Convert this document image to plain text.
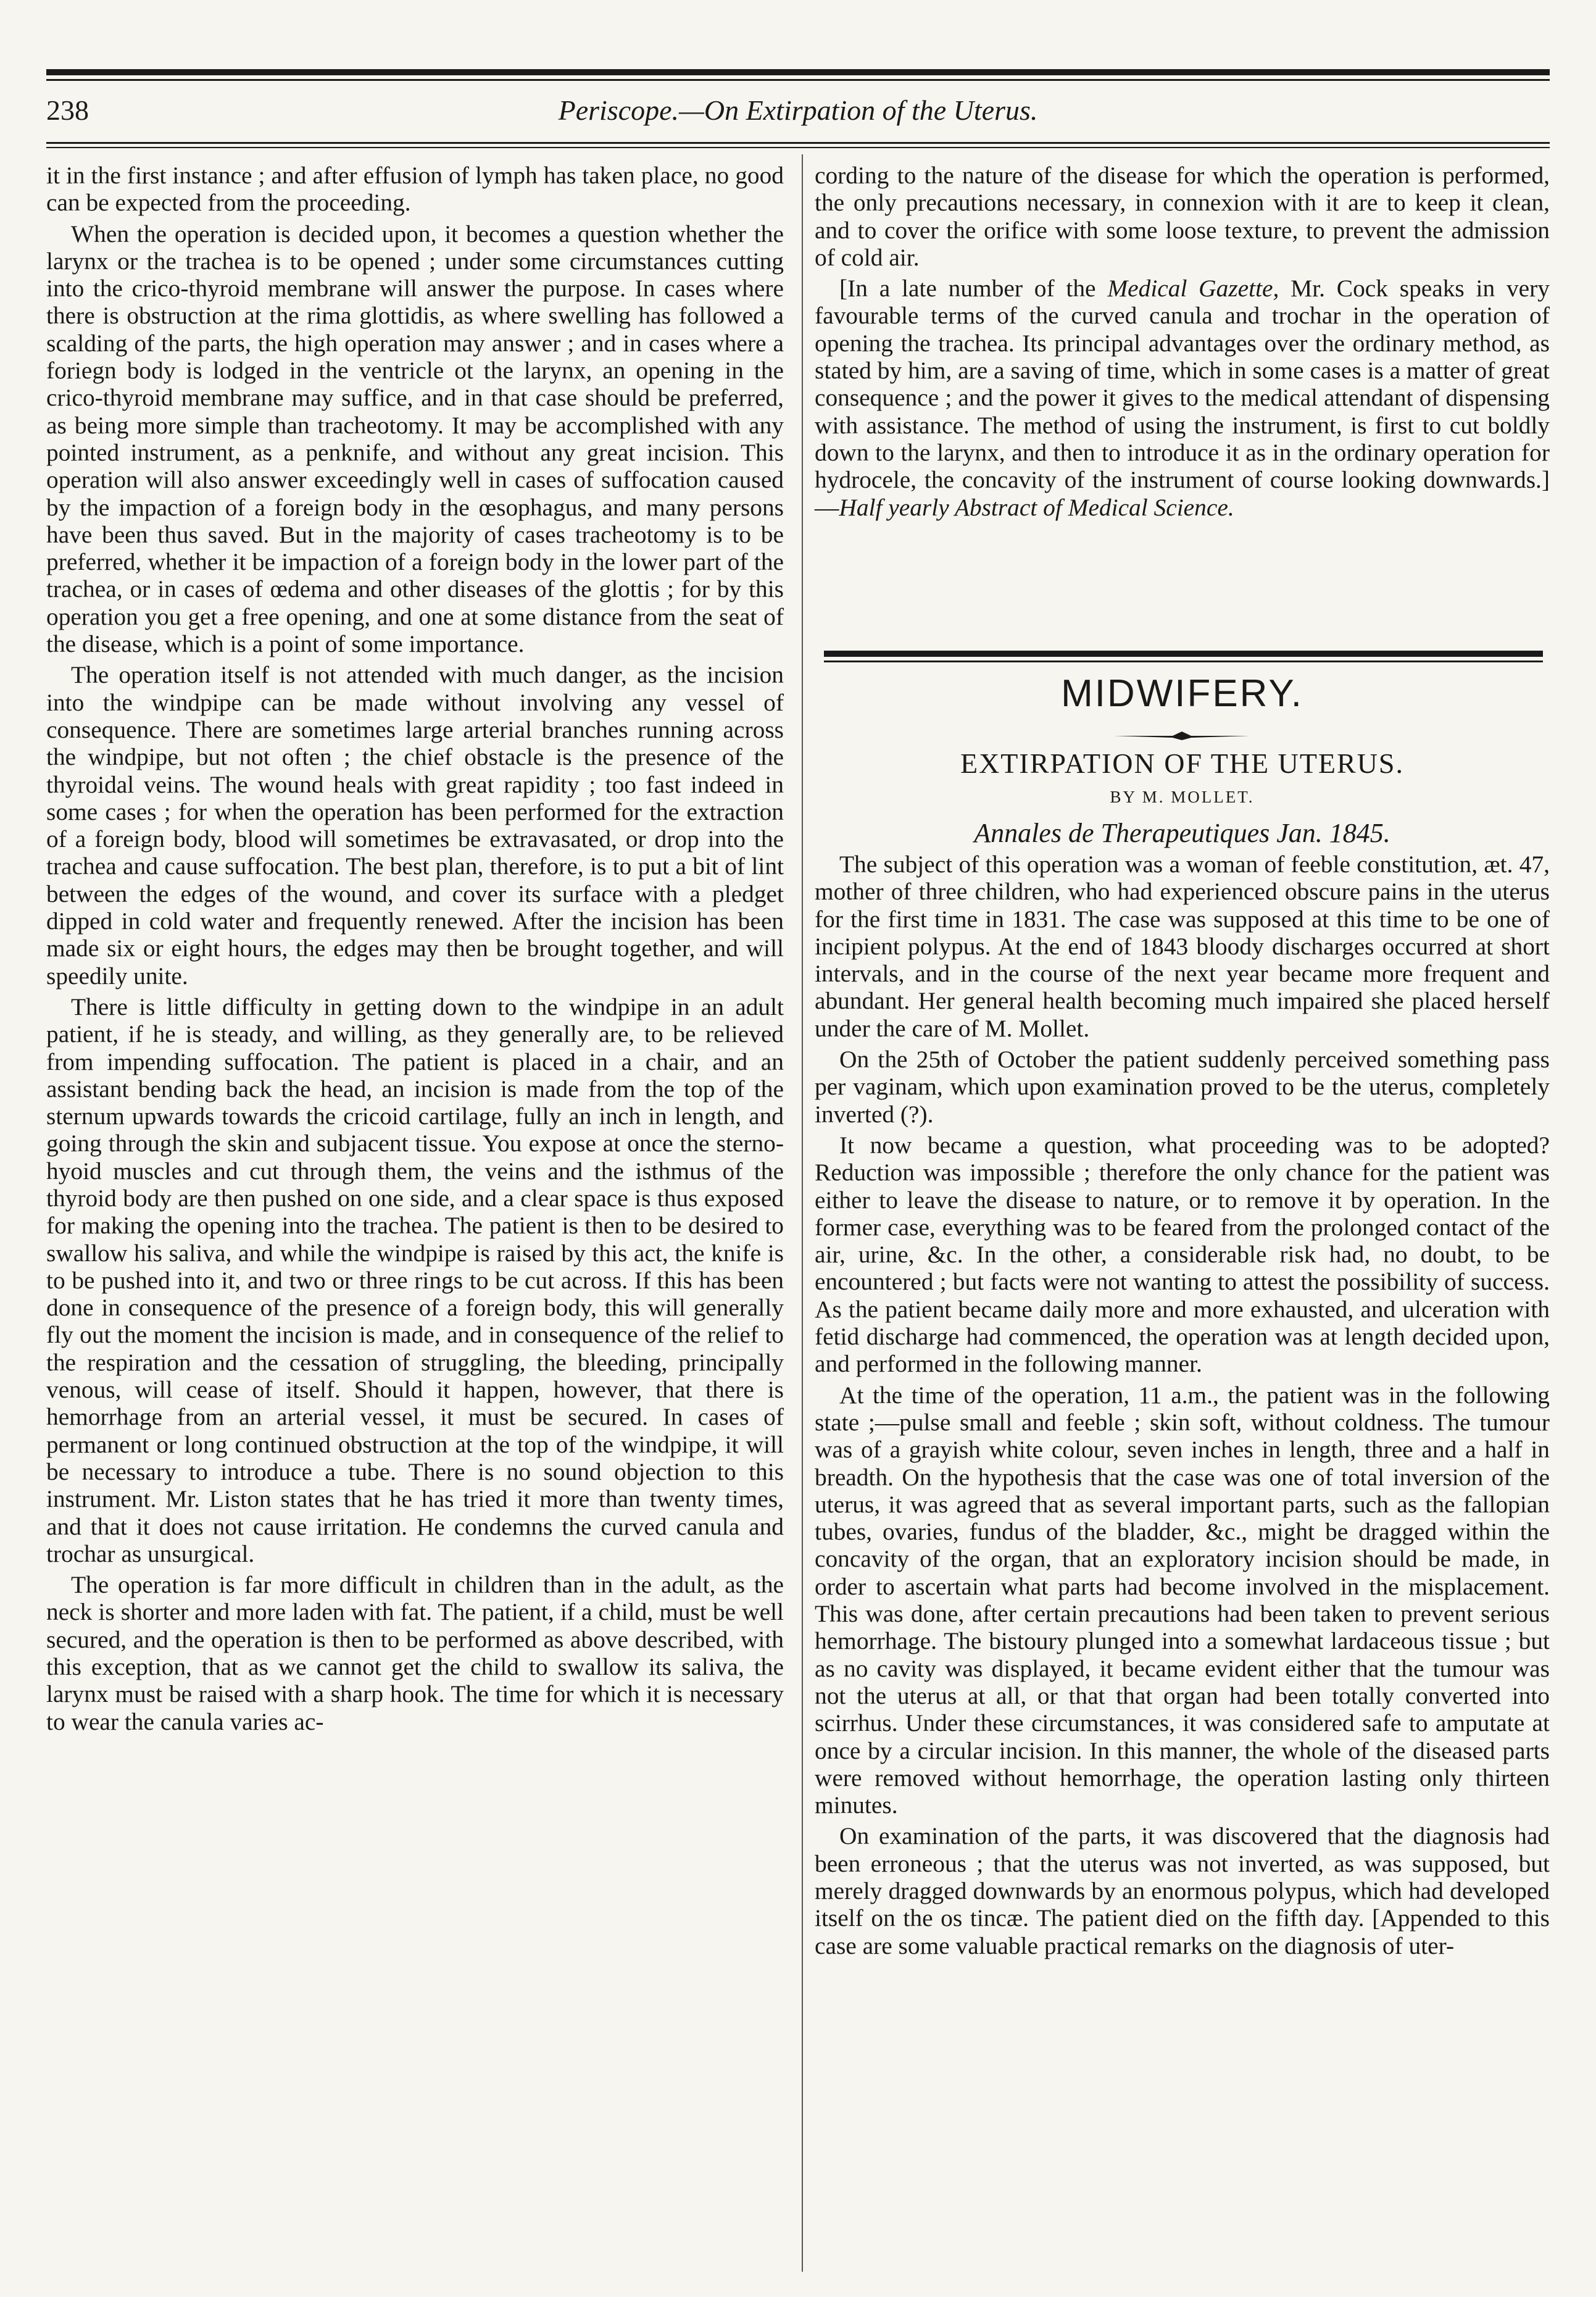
238	Periscope.—On Extirpation of the Uterus.

it in the first instance ; and after effusion of lymph has taken place, no good can be expected from the proceeding.

When the operation is decided upon, it becomes a question whether the larynx or the trachea is to be opened ; under some circumstances cutting into the crico-thyroid membrane will answer the purpose. In cases where there is obstruction at the rima glottidis, as where swelling has followed a scalding of the parts, the high operation may answer ; and in cases where a foriegn body is lodged in the ventricle ot the larynx, an opening in the crico-thyroid membrane may suffice, and in that case should be preferred, as being more simple than tracheotomy. It may be accomplished with any pointed instrument, as a penknife, and without any great incision. This operation will also answer exceedingly well in cases of suffocation caused by the impaction of a foreign body in the œsophagus, and many persons have been thus saved. But in the majority of cases tracheotomy is to be preferred, whether it be impaction of a foreign body in the lower part of the trachea, or in cases of œdema and other diseases of the glottis ; for by this operation you get a free opening, and one at some distance from the seat of the disease, which is a point of some importance.

The operation itself is not attended with much danger, as the incision into the windpipe can be made without involving any vessel of consequence. There are sometimes large arterial branches running across the windpipe, but not often ; the chief obstacle is the presence of the thyroidal veins. The wound heals with great rapidity ; too fast indeed in some cases ; for when the operation has been performed for the extraction of a foreign body, blood will sometimes be extravasated, or drop into the trachea and cause suffocation. The best plan, therefore, is to put a bit of lint between the edges of the wound, and cover its surface with a pledget dipped in cold water and frequently renewed. After the incision has been made six or eight hours, the edges may then be brought together, and will speedily unite.

There is little difficulty in getting down to the windpipe in an adult patient, if he is steady, and willing, as they generally are, to be relieved from impending suffocation. The patient is placed in a chair, and an assistant bending back the head, an incision is made from the top of the sternum upwards towards the cricoid cartilage, fully an inch in length, and going through the skin and subjacent tissue. You expose at once the sterno-hyoid muscles and cut through them, the veins and the isthmus of the thyroid body are then pushed on one side, and a clear space is thus exposed for making the opening into the trachea. The patient is then to be desired to swallow his saliva, and while the windpipe is raised by this act, the knife is to be pushed into it, and two or three rings to be cut across. If this has been done in consequence of the presence of a foreign body, this will generally fly out the moment the incision is made, and in consequence of the relief to the respiration and the cessation of struggling, the bleeding, principally venous, will cease of itself. Should it happen, however, that there is hemorrhage from an arterial vessel, it must be secured. In cases of permanent or long continued obstruction at the top of the windpipe, it will be necessary to introduce a tube. There is no sound objection to this instrument. Mr. Liston states that he has tried it more than twenty times, and that it does not cause irritation. He condemns the curved canula and trochar as unsurgical.

The operation is far more difficult in children than in the adult, as the neck is shorter and more laden with fat. The patient, if a child, must be well secured, and the operation is then to be performed as above described, with this exception, that as we cannot get the child to swallow its saliva, the larynx must be raised with a sharp hook. The time for which it is necessary to wear the canula varies ac-

cording to the nature of the disease for which the operation is performed, the only precautions necessary, in connexion with it are to keep it clean, and to cover the orifice with some loose texture, to prevent the admission of cold air.

[In a late number of the Medical Gazette, Mr. Cock speaks in very favourable terms of the curved canula and trochar in the operation of opening the trachea. Its principal advantages over the ordinary method, as stated by him, are a saving of time, which in some cases is a matter of great consequence ; and the power it gives to the medical attendant of dispensing with assistance. The method of using the instrument, is first to cut boldly down to the larynx, and then to introduce it as in the ordinary operation for hydrocele, the concavity of the instrument of course looking downwards.]—Half yearly Abstract of Medical Science.

MIDWIFERY.
EXTIRPATION OF THE UTERUS.
BY M. MOLLET.
Annales de Therapeutiques Jan. 1845.

The subject of this operation was a woman of feeble constitution, æt. 47, mother of three children, who had experienced obscure pains in the uterus for the first time in 1831. The case was supposed at this time to be one of incipient polypus. At the end of 1843 bloody discharges occurred at short intervals, and in the course of the next year became more frequent and abundant. Her general health becoming much impaired she placed herself under the care of M. Mollet.

On the 25th of October the patient suddenly perceived something pass per vaginam, which upon examination proved to be the uterus, completely inverted (?).

It now became a question, what proceeding was to be adopted? Reduction was impossible ; therefore the only chance for the patient was either to leave the disease to nature, or to remove it by operation. In the former case, everything was to be feared from the prolonged contact of the air, urine, &c. In the other, a considerable risk had, no doubt, to be encountered ; but facts were not wanting to attest the possibility of success. As the patient became daily more and more exhausted, and ulceration with fetid discharge had commenced, the operation was at length decided upon, and performed in the following manner.

At the time of the operation, 11 a.m., the patient was in the following state ;—pulse small and feeble ; skin soft, without coldness. The tumour was of a grayish white colour, seven inches in length, three and a half in breadth. On the hypothesis that the case was one of total inversion of the uterus, it was agreed that as several important parts, such as the fallopian tubes, ovaries, fundus of the bladder, &c., might be dragged within the concavity of the organ, that an exploratory incision should be made, in order to ascertain what parts had become involved in the misplacement. This was done, after certain precautions had been taken to prevent serious hemorrhage. The bistoury plunged into a somewhat lardaceous tissue ; but as no cavity was displayed, it became evident either that the tumour was not the uterus at all, or that that organ had been totally converted into scirrhus. Under these circumstances, it was considered safe to amputate at once by a circular incision. In this manner, the whole of the diseased parts were removed without hemorrhage, the operation lasting only thirteen minutes.

On examination of the parts, it was discovered that the diagnosis had been erroneous ; that the uterus was not inverted, as was supposed, but merely dragged downwards by an enormous polypus, which had developed itself on the os tincæ. The patient died on the fifth day. [Appended to this case are some valuable practical remarks on the diagnosis of uter-
